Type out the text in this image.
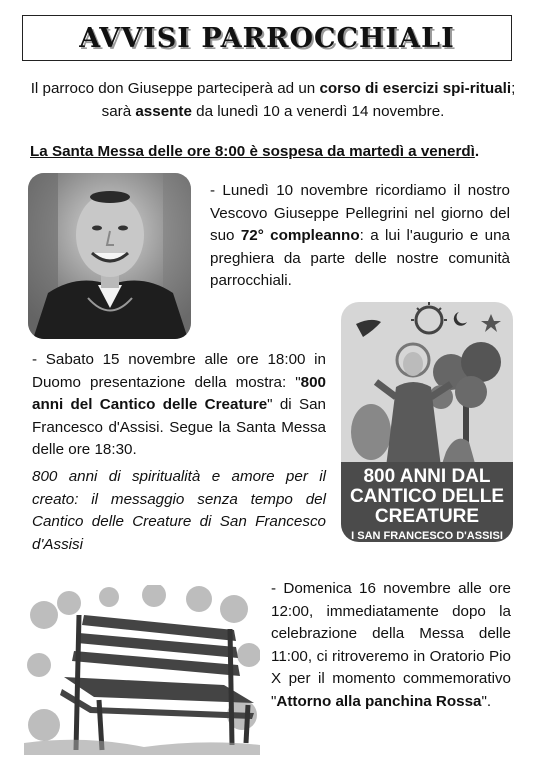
AVVISI PARROCCHIALI

Il parroco don Giuseppe parteciperà ad un corso di esercizi spi-rituali; sarà assente da lunedì 10 a venerdì 14 novembre.

La Santa Messa delle ore 8:00 è sospesa da martedì a venerdì.

- Lunedì 10 novembre ricordiamo il nostro Vescovo Giuseppe Pellegrini nel giorno del suo 72° compleanno: a lui l'augurio e una preghiera da parte delle nostre comunità parrocchiali.

800 ANNI DAL
CANTICO DELLE
CREATURE
I SAN FRANCESCO D'ASSISI

- Sabato 15 novembre alle ore 18:00 in Duomo presentazione della mostra: "800 anni del Cantico delle Creature" di San Francesco d'Assisi. Segue la Santa Messa delle ore 18:30.

800 anni di spiritualità e amore per il creato: il messaggio senza tempo del Cantico delle Creature di San Francesco d'Assisi

- Domenica 16 novembre alle ore 12:00, immediatamente dopo la celebrazione della Messa delle 11:00, ci ritroveremo in Oratorio Pio X per il momento commemorativo "Attorno alla panchina Rossa".
